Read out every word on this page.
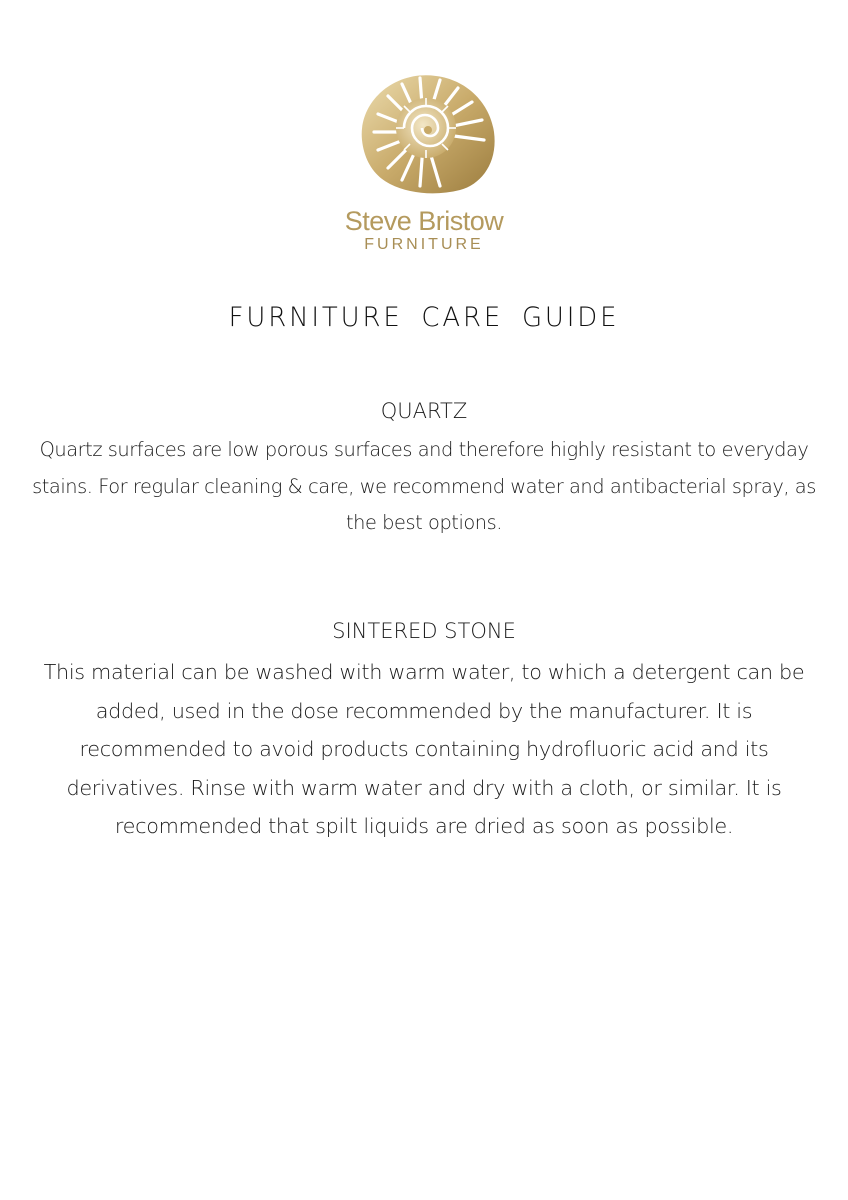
Steve Bristow
FURNITURE
FURNITURE CARE GUIDE
QUARTZ

Quartz surfaces are low porous surfaces and therefore highly resistant to everyday stains. For regular cleaning & care, we recommend water and antibacterial spray, as the best options.

SINTERED STONE

This material can be washed with warm water, to which a detergent can be added, used in the dose recommended by the manufacturer. It is recommended to avoid products containing hydrofluoric acid and its derivatives. Rinse with warm water and dry with a cloth, or similar. It is recommended that spilt liquids are dried as soon as possible.
